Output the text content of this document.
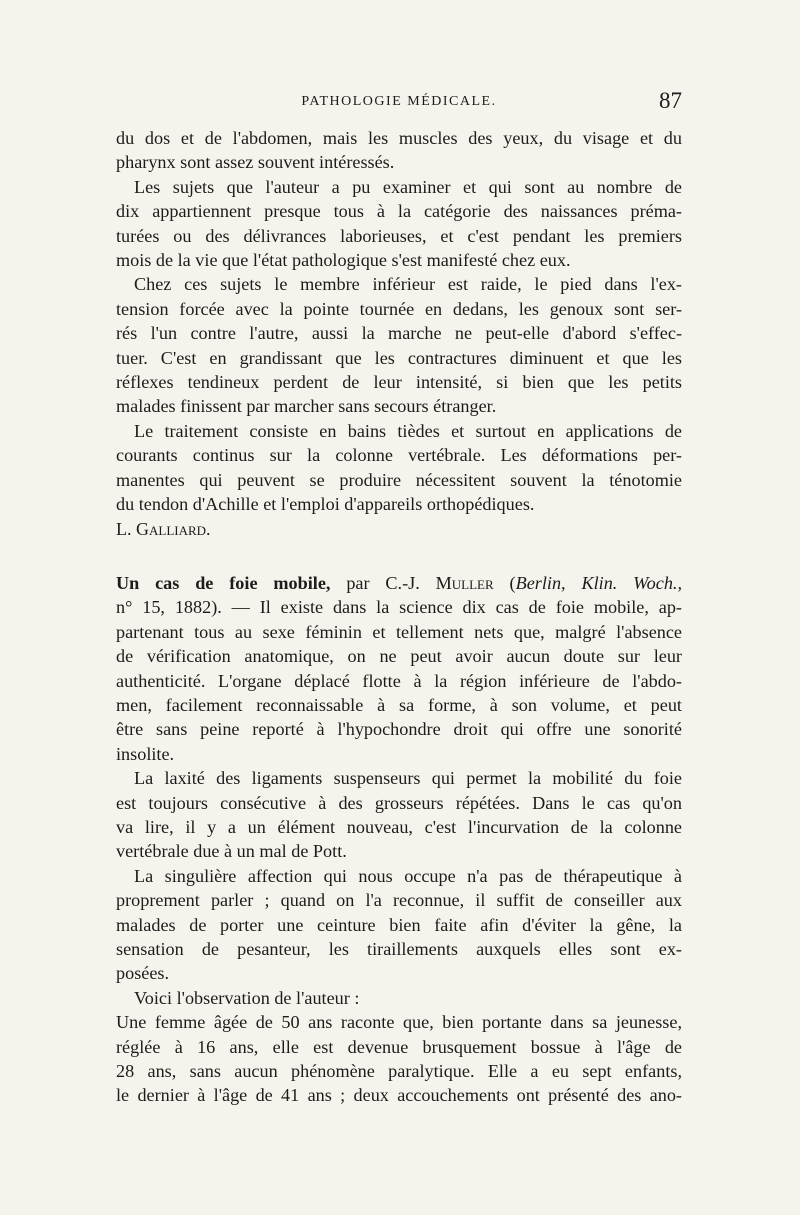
PATHOLOGIE MÉDICALE.	87

du dos et de l'abdomen, mais les muscles des yeux, du visage et du
pharynx sont assez souvent intéressés.

Les sujets que l'auteur a pu examiner et qui sont au nombre de
dix appartiennent presque tous à la catégorie des naissances préma-
turées ou des délivrances laborieuses, et c'est pendant les premiers
mois de la vie que l'état pathologique s'est manifesté chez eux.

Chez ces sujets le membre inférieur est raide, le pied dans l'ex-
tension forcée avec la pointe tournée en dedans, les genoux sont ser-
rés l'un contre l'autre, aussi la marche ne peut-elle d'abord s'effec-
tuer. C'est en grandissant que les contractures diminuent et que les
réflexes tendineux perdent de leur intensité, si bien que les petits
malades finissent par marcher sans secours étranger.

Le traitement consiste en bains tièdes et surtout en applications de
courants continus sur la colonne vertébrale. Les déformations per-
manentes qui peuvent se produire nécessitent souvent la ténotomie
du tendon d'Achille et l'emploi d'appareils orthopédiques.

L. Galliard.

Un cas de foie mobile, par C.-J. Muller (Berlin, Klin. Woch.,
n° 15, 1882). — Il existe dans la science dix cas de foie mobile, ap-
partenant tous au sexe féminin et tellement nets que, malgré l'absence
de vérification anatomique, on ne peut avoir aucun doute sur leur
authenticité. L'organe déplacé flotte à la région inférieure de l'abdo-
men, facilement reconnaissable à sa forme, à son volume, et peut
être sans peine reporté à l'hypochondre droit qui offre une sonorité
insolite.

La laxité des ligaments suspenseurs qui permet la mobilité du foie
est toujours consécutive à des grosseurs répétées. Dans le cas qu'on
va lire, il y a un élément nouveau, c'est l'incurvation de la colonne
vertébrale due à un mal de Pott.

La singulière affection qui nous occupe n'a pas de thérapeutique à
proprement parler ; quand on l'a reconnue, il suffit de conseiller aux
malades de porter une ceinture bien faite afin d'éviter la gêne, la
sensation de pesanteur, les tiraillements auxquels elles sont ex-
posées.

Voici l'observation de l'auteur :

Une femme âgée de 50 ans raconte que, bien portante dans sa jeunesse,
réglée à 16 ans, elle est devenue brusquement bossue à l'âge de
28 ans, sans aucun phénomène paralytique. Elle a eu sept enfants,
le dernier à l'âge de 41 ans ; deux accouchements ont présenté des ano-
